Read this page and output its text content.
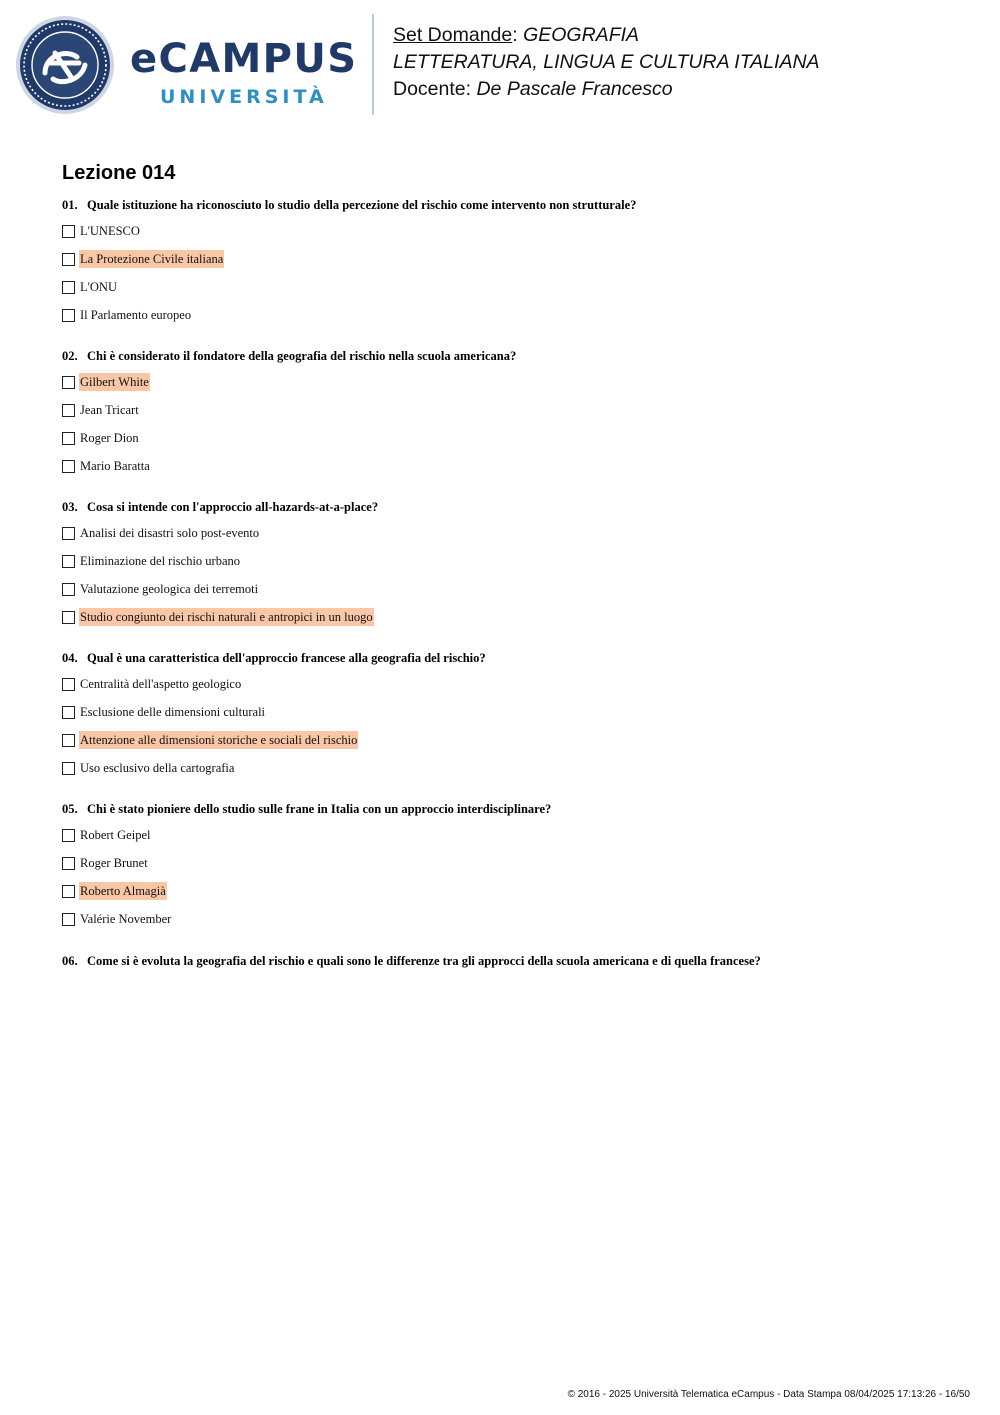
eCAMPUS
UNIVERSITÀ
Set Domande: GEOGRAFIA
LETTERATURA, LINGUA E CULTURA ITALIANA
Docente: De Pascale Francesco
Lezione 014
01. Quale istituzione ha riconosciuto lo studio della percezione del rischio come intervento non strutturale?
L'UNESCO
La Protezione Civile italiana
L'ONU
Il Parlamento europeo
02. Chi è considerato il fondatore della geografia del rischio nella scuola americana?
Gilbert White
Jean Tricart
Roger Dion
Mario Baratta
03. Cosa si intende con l'approccio all-hazards-at-a-place?
Analisi dei disastri solo post-evento
Eliminazione del rischio urbano
Valutazione geologica dei terremoti
Studio congiunto dei rischi naturali e antropici in un luogo
04. Qual è una caratteristica dell'approccio francese alla geografia del rischio?
Centralità dell'aspetto geologico
Esclusione delle dimensioni culturali
Attenzione alle dimensioni storiche e sociali del rischio
Uso esclusivo della cartografia
05. Chi è stato pioniere dello studio sulle frane in Italia con un approccio interdisciplinare?
Robert Geipel
Roger Brunet
Roberto Almagià
Valérie November
06. Come si è evoluta la geografia del rischio e quali sono le differenze tra gli approcci della scuola americana e di quella francese?
© 2016 - 2025 Università Telematica eCampus - Data Stampa 08/04/2025 17:13:26 - 16/50
